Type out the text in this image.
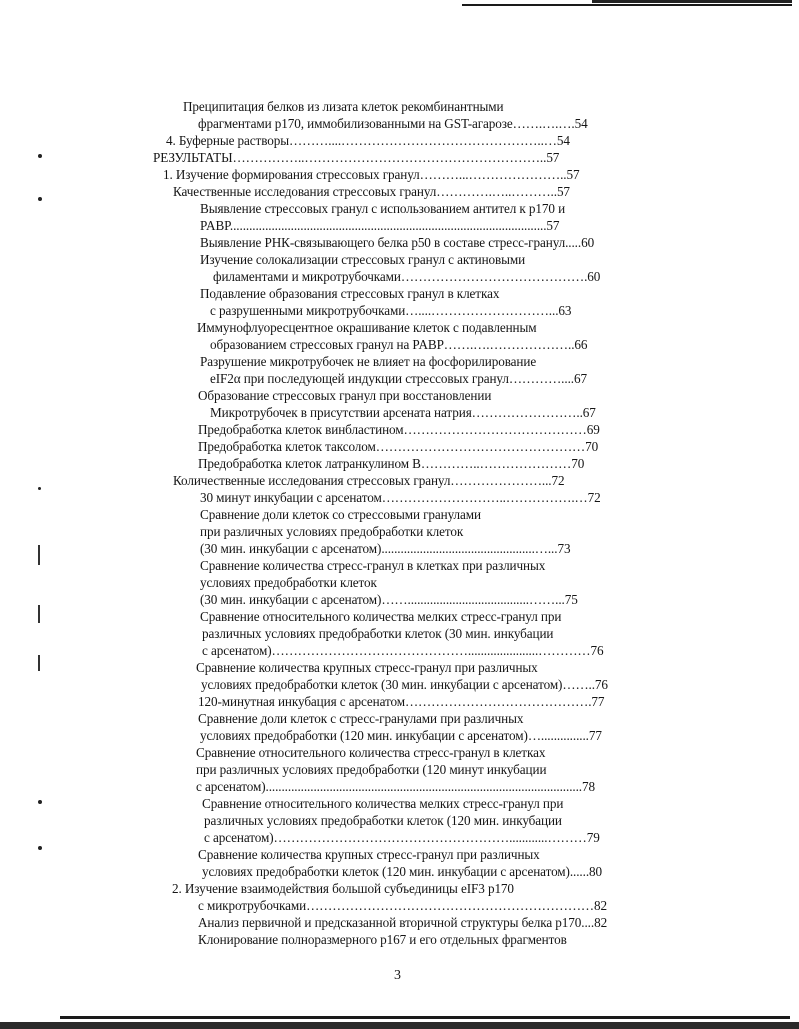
Преципитация белков из лизата клеток рекомбинантными
фрагментами p170, иммобилизованными на GST-агарозе…….….….54
4. Буферные растворы………....………………………………………..…54
РЕЗУЛЬТАТЫ……………..………………………………………………..57
1. Изучение формирования стрессовых гранул………...…………………..57
Качественные исследования стрессовых гранул………….…..………..57
Выявление стрессовых гранул с использованием антител к p170 и
PABP...................................................................................................57
Выявление РНК-связывающего белка p50 в составе стресс-гранул.....60
Изучение солокализации стрессовых гранул с актиновыми
филаментами и микротрубочками…………………………………….60
Подавление образования стрессовых гранул в клетках
с разрушенными микротрубочками…....………………………...63
Иммунофлуоресцентное окрашивание клеток с подавленным
образованием стрессовых гранул на PABP…….….………………..66
Разрушение микротрубочек не влияет на фосфорилирование
eIF2α при последующей индукции стрессовых гранул…………....67
Образование стрессовых гранул при восстановлении
Микротрубочек в присутствии арсената натрия……………………..67
Предобработка клеток винбластином……………………………………69
Предобработка клеток таксолом…………………………………………70
Предобработка клеток латранкулином В…………..…………………70
Количественные исследования стрессовых гранул…………………...72
30 минут инкубации с арсенатом………………………..…………….…72
Сравнение доли клеток со стрессовыми гранулами
при различных условиях предобработки клеток
(30 мин. инкубации с арсенатом)................................................…...73
Сравнение количества стресс-гранул в клетках при различных
условиях предобработки клеток
(30 мин. инкубации с арсенатом)……......................................……...75
Сравнение относительного количества мелких стресс-гранул при
различных условиях предобработки клеток (30 мин. инкубации
с арсенатом)………………………………………......................…………76
Сравнение количества крупных стресс-гранул при различных
условиях предобработки клеток (30 мин. инкубации с арсенатом)……..76
120-минутная инкубация с арсенатом…………………………………….77
Сравнение доли клеток с стресс-гранулами при различных
условиях предобработки (120 мин. инкубации с арсенатом)…...............77
Сравнение относительного количества стресс-гранул в клетках
при различных условиях предобработки (120 минут инкубации
с арсенатом)...................................................................................................78
Сравнение относительного количества мелких стресс-гранул при
различных условиях предобработки клеток (120 мин. инкубации
с арсенатом)………………………………………………............………79
Сравнение количества крупных стресс-гранул при различных
условиях предобработки клеток (120 мин. инкубации с арсенатом)......80
2. Изучение взаимодействия большой субъединицы eIF3 p170
с микротрубочками…………………………………………………………82
Анализ первичной и предсказанной вторичной структуры белка p170....82
Клонирование полноразмерного p167 и его отдельных фрагментов
3
